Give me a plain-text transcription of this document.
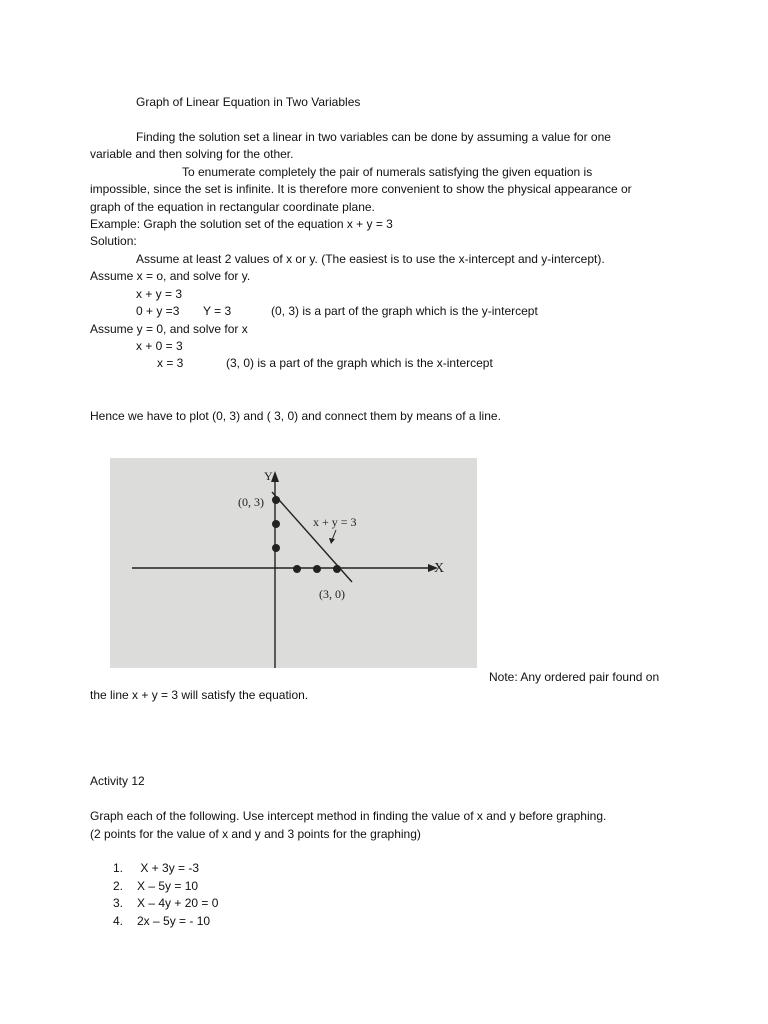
Graph of Linear Equation in Two Variables
Finding the solution set a linear in two variables can be done by assuming a value for one
variable and then solving for the other.
To enumerate completely the pair of numerals satisfying the given equation is
impossible, since the set is infinite. It is therefore more convenient to show the physical appearance or
graph of the equation in rectangular coordinate plane.
Example: Graph the solution set of the equation x + y = 3
Solution:
Assume at least 2 values of x or y. (The easiest is to use the x-intercept and y-intercept).
Assume x = o, and solve for y.
x + y = 3
0 + y =3 Y = 3	(0, 3) is a part of the graph which is the y-intercept
Assume y = 0, and solve for x
x + 0 = 3
x = 3	(3, 0) is a part of the graph which is the x-intercept
Hence we have to plot (0, 3) and ( 3, 0) and connect them by means of a line.
Y
X
(0, 3)
(3, 0)
x + y = 3
Note: Any ordered pair found on
the line x + y = 3 will satisfy the equation.
Activity 12
Graph each of the following. Use intercept method in finding the value of x and y before graphing.
(2 points for the value of x and y and 3 points for the graphing)
1. X + 3y = -3
2. X – 5y = 10
3. X – 4y + 20 = 0
4. 2x – 5y = - 10
